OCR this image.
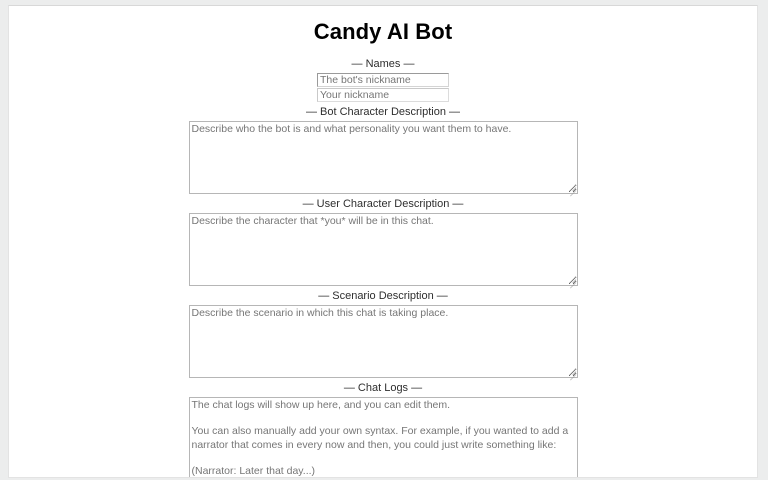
Candy AI Bot
— Names —
The bot's nickname
Your nickname
— Bot Character Description —
Describe who the bot is and what personality you want them to have.
— User Character Description —
Describe the character that *you* will be in this chat.
— Scenario Description —
Describe the scenario in which this chat is taking place.
— Chat Logs —
The chat logs will show up here, and you can edit them. You can also manually add your own syntax. For example, if you wanted to add a narrator that comes in every now and then, you could just write something like: (Narrator: Later that day...) And you can of course use *asterisks* for actions, and stuff like that.
